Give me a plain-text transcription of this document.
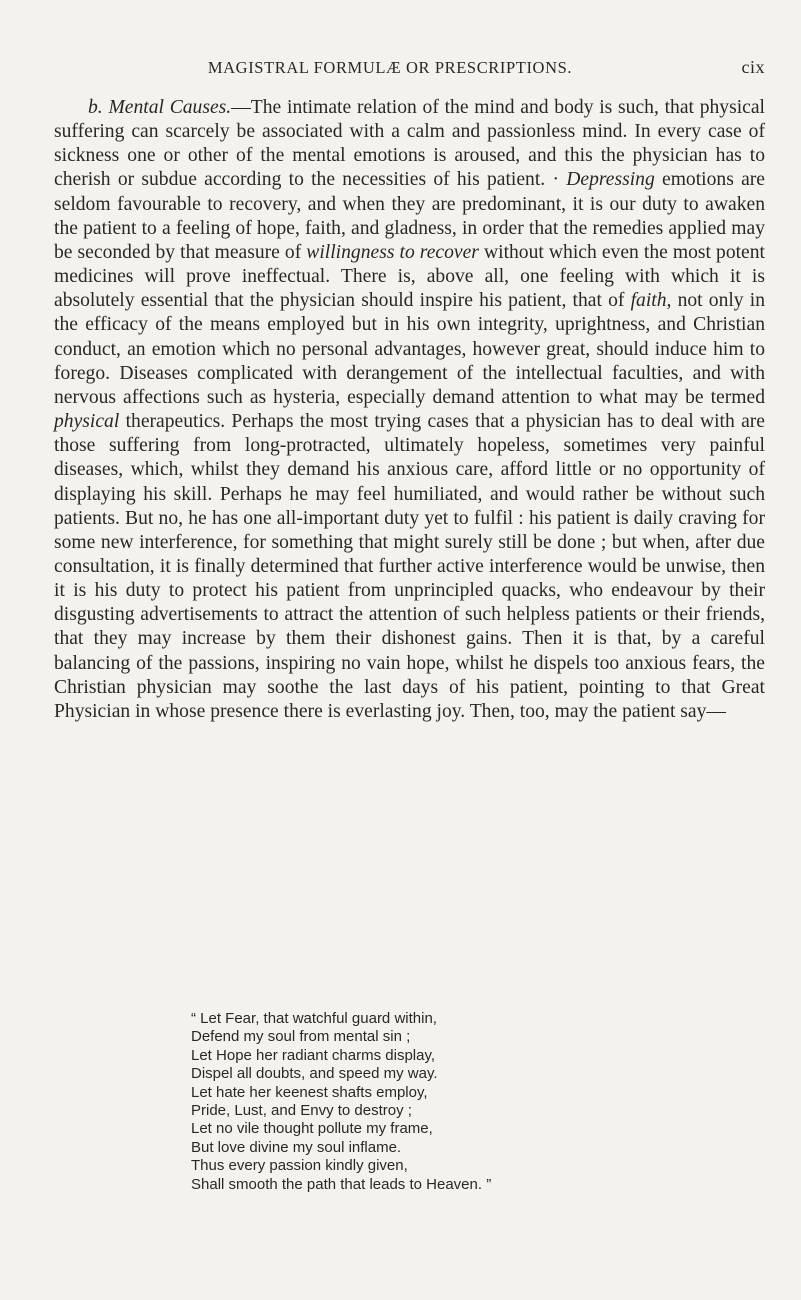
MAGISTRAL FORMULÆ OR PRESCRIPTIONS.	cix

b. Mental Causes.—The intimate relation of the mind and body is such, that physical suffering can scarcely be associated with a calm and passionless mind. In every case of sickness one or other of the mental emotions is aroused, and this the physician has to cherish or subdue according to the necessities of his patient. · Depressing emotions are seldom favourable to recovery, and when they are predominant, it is our duty to awaken the patient to a feeling of hope, faith, and gladness, in order that the remedies applied may be seconded by that measure of willingness to recover without which even the most potent medicines will prove ineffectual. There is, above all, one feeling with which it is absolutely essential that the physician should inspire his patient, that of faith, not only in the efficacy of the means employed but in his own integrity, uprightness, and Christian conduct, an emotion which no personal advantages, however great, should induce him to forego. Diseases complicated with derangement of the intellectual faculties, and with nervous affections such as hysteria, especially demand attention to what may be termed physical therapeutics. Perhaps the most trying cases that a physician has to deal with are those suffering from long-protracted, ultimately hopeless, sometimes very painful diseases, which, whilst they demand his anxious care, afford little or no opportunity of displaying his skill. Perhaps he may feel humiliated, and would rather be without such patients. But no, he has one all-important duty yet to fulfil : his patient is daily craving for some new interference, for something that might surely still be done ; but when, after due consultation, it is finally determined that further active interference would be unwise, then it is his duty to protect his patient from unprincipled quacks, who endeavour by their disgusting advertisements to attract the attention of such helpless patients or their friends, that they may increase by them their dishonest gains. Then it is that, by a careful balancing of the passions, inspiring no vain hope, whilst he dispels too anxious fears, the Christian physician may soothe the last days of his patient, pointing to that Great Physician in whose presence there is everlasting joy. Then, too, may the patient say—

“ Let Fear, that watchful guard within,
Defend my soul from mental sin ;
Let Hope her radiant charms display,
Dispel all doubts, and speed my way.
Let hate her keenest shafts employ,
Pride, Lust, and Envy to destroy ;
Let no vile thought pollute my frame,
But love divine my soul inflame.
Thus every passion kindly given,
Shall smooth the path that leads to Heaven. ”
